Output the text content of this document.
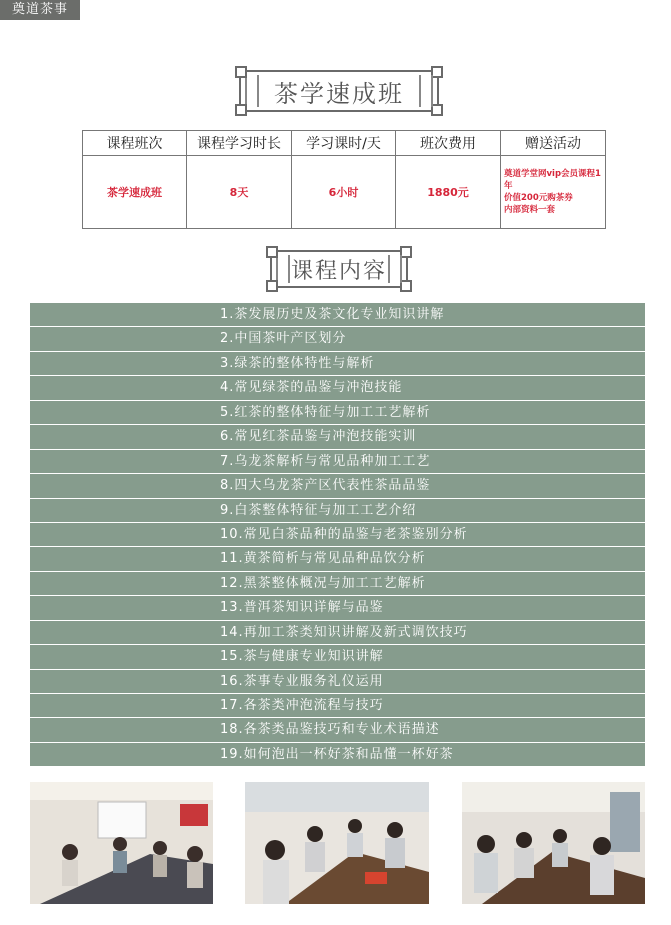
奠道茶事
茶学速成班
课程班次	课程学习时长	学习课时/天	班次费用	赠送活动
茶学速成班	8天	6小时	1880元	奠道学堂网vip会员课程1年
价值200元购茶券
内部资料一套
课程内容
1.茶发展历史及茶文化专业知识讲解
2.中国茶叶产区划分
3.绿茶的整体特性与解析
4.常见绿茶的品鉴与冲泡技能
5.红茶的整体特征与加工工艺解析
6.常见红茶品鉴与冲泡技能实训
7.乌龙茶解析与常见品种加工工艺
8.四大乌龙茶产区代表性茶品品鉴
9.白茶整体特征与加工工艺介绍
10.常见白茶品种的品鉴与老茶鉴别分析
11.黄茶简析与常见品种品饮分析
12.黑茶整体概况与加工工艺解析
13.普洱茶知识详解与品鉴
14.再加工茶类知识讲解及新式调饮技巧
15.茶与健康专业知识讲解
16.茶事专业服务礼仪运用
17.各茶类冲泡流程与技巧
18.各茶类品鉴技巧和专业术语描述
19.如何泡出一杯好茶和品懂一杯好茶
